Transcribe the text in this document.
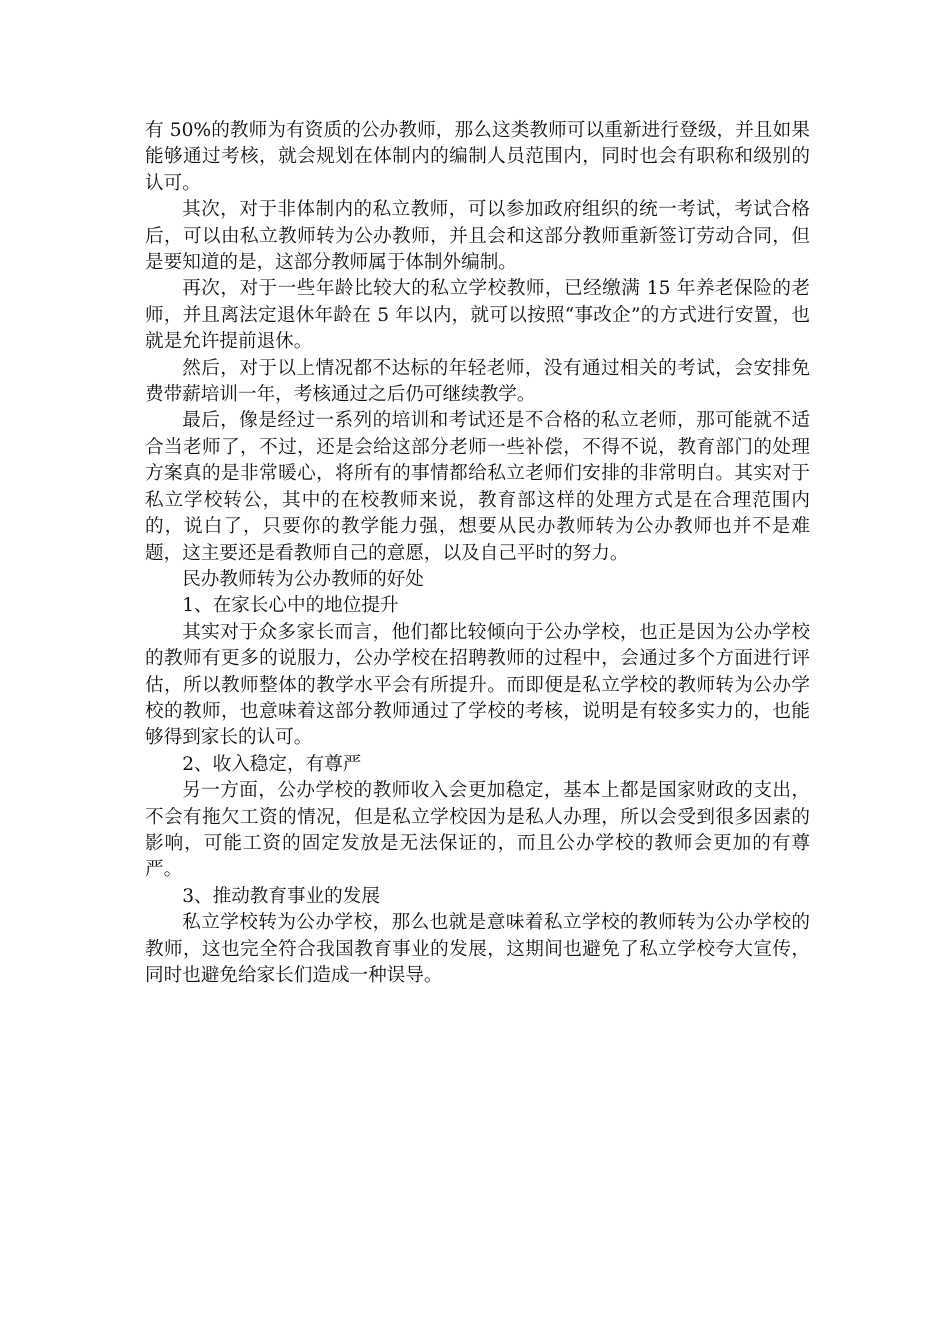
有 50%的教师为有资质的公办教师，那么这类教师可以重新进行登级，并且如果能够通过考核，就会规划在体制内的编制人员范围内，同时也会有职称和级别的认可。

其次，对于非体制内的私立教师，可以参加政府组织的统一考试，考试合格后，可以由私立教师转为公办教师，并且会和这部分教师重新签订劳动合同，但是要知道的是，这部分教师属于体制外编制。

再次，对于一些年龄比较大的私立学校教师，已经缴满 15 年养老保险的老师，并且离法定退休年龄在 5 年以内，就可以按照“事改企”的方式进行安置，也就是允许提前退休。

然后，对于以上情况都不达标的年轻老师，没有通过相关的考试，会安排免费带薪培训一年，考核通过之后仍可继续教学。

最后，像是经过一系列的培训和考试还是不合格的私立老师，那可能就不适合当老师了，不过，还是会给这部分老师一些补偿，不得不说，教育部门的处理方案真的是非常暖心，将所有的事情都给私立老师们安排的非常明白。其实对于私立学校转公，其中的在校教师来说，教育部这样的处理方式是在合理范围内的，说白了，只要你的教学能力强，想要从民办教师转为公办教师也并不是难题，这主要还是看教师自己的意愿，以及自己平时的努力。

民办教师转为公办教师的好处

1、在家长心中的地位提升

其实对于众多家长而言，他们都比较倾向于公办学校，也正是因为公办学校的教师有更多的说服力，公办学校在招聘教师的过程中，会通过多个方面进行评估，所以教师整体的教学水平会有所提升。而即便是私立学校的教师转为公办学校的教师，也意味着这部分教师通过了学校的考核，说明是有较多实力的，也能够得到家长的认可。

2、收入稳定，有尊严

另一方面，公办学校的教师收入会更加稳定，基本上都是国家财政的支出，不会有拖欠工资的情况，但是私立学校因为是私人办理，所以会受到很多因素的影响，可能工资的固定发放是无法保证的，而且公办学校的教师会更加的有尊严。

3、推动教育事业的发展

私立学校转为公办学校，那么也就是意味着私立学校的教师转为公办学校的教师，这也完全符合我国教育事业的发展，这期间也避免了私立学校夸大宣传，同时也避免给家长们造成一种误导。
